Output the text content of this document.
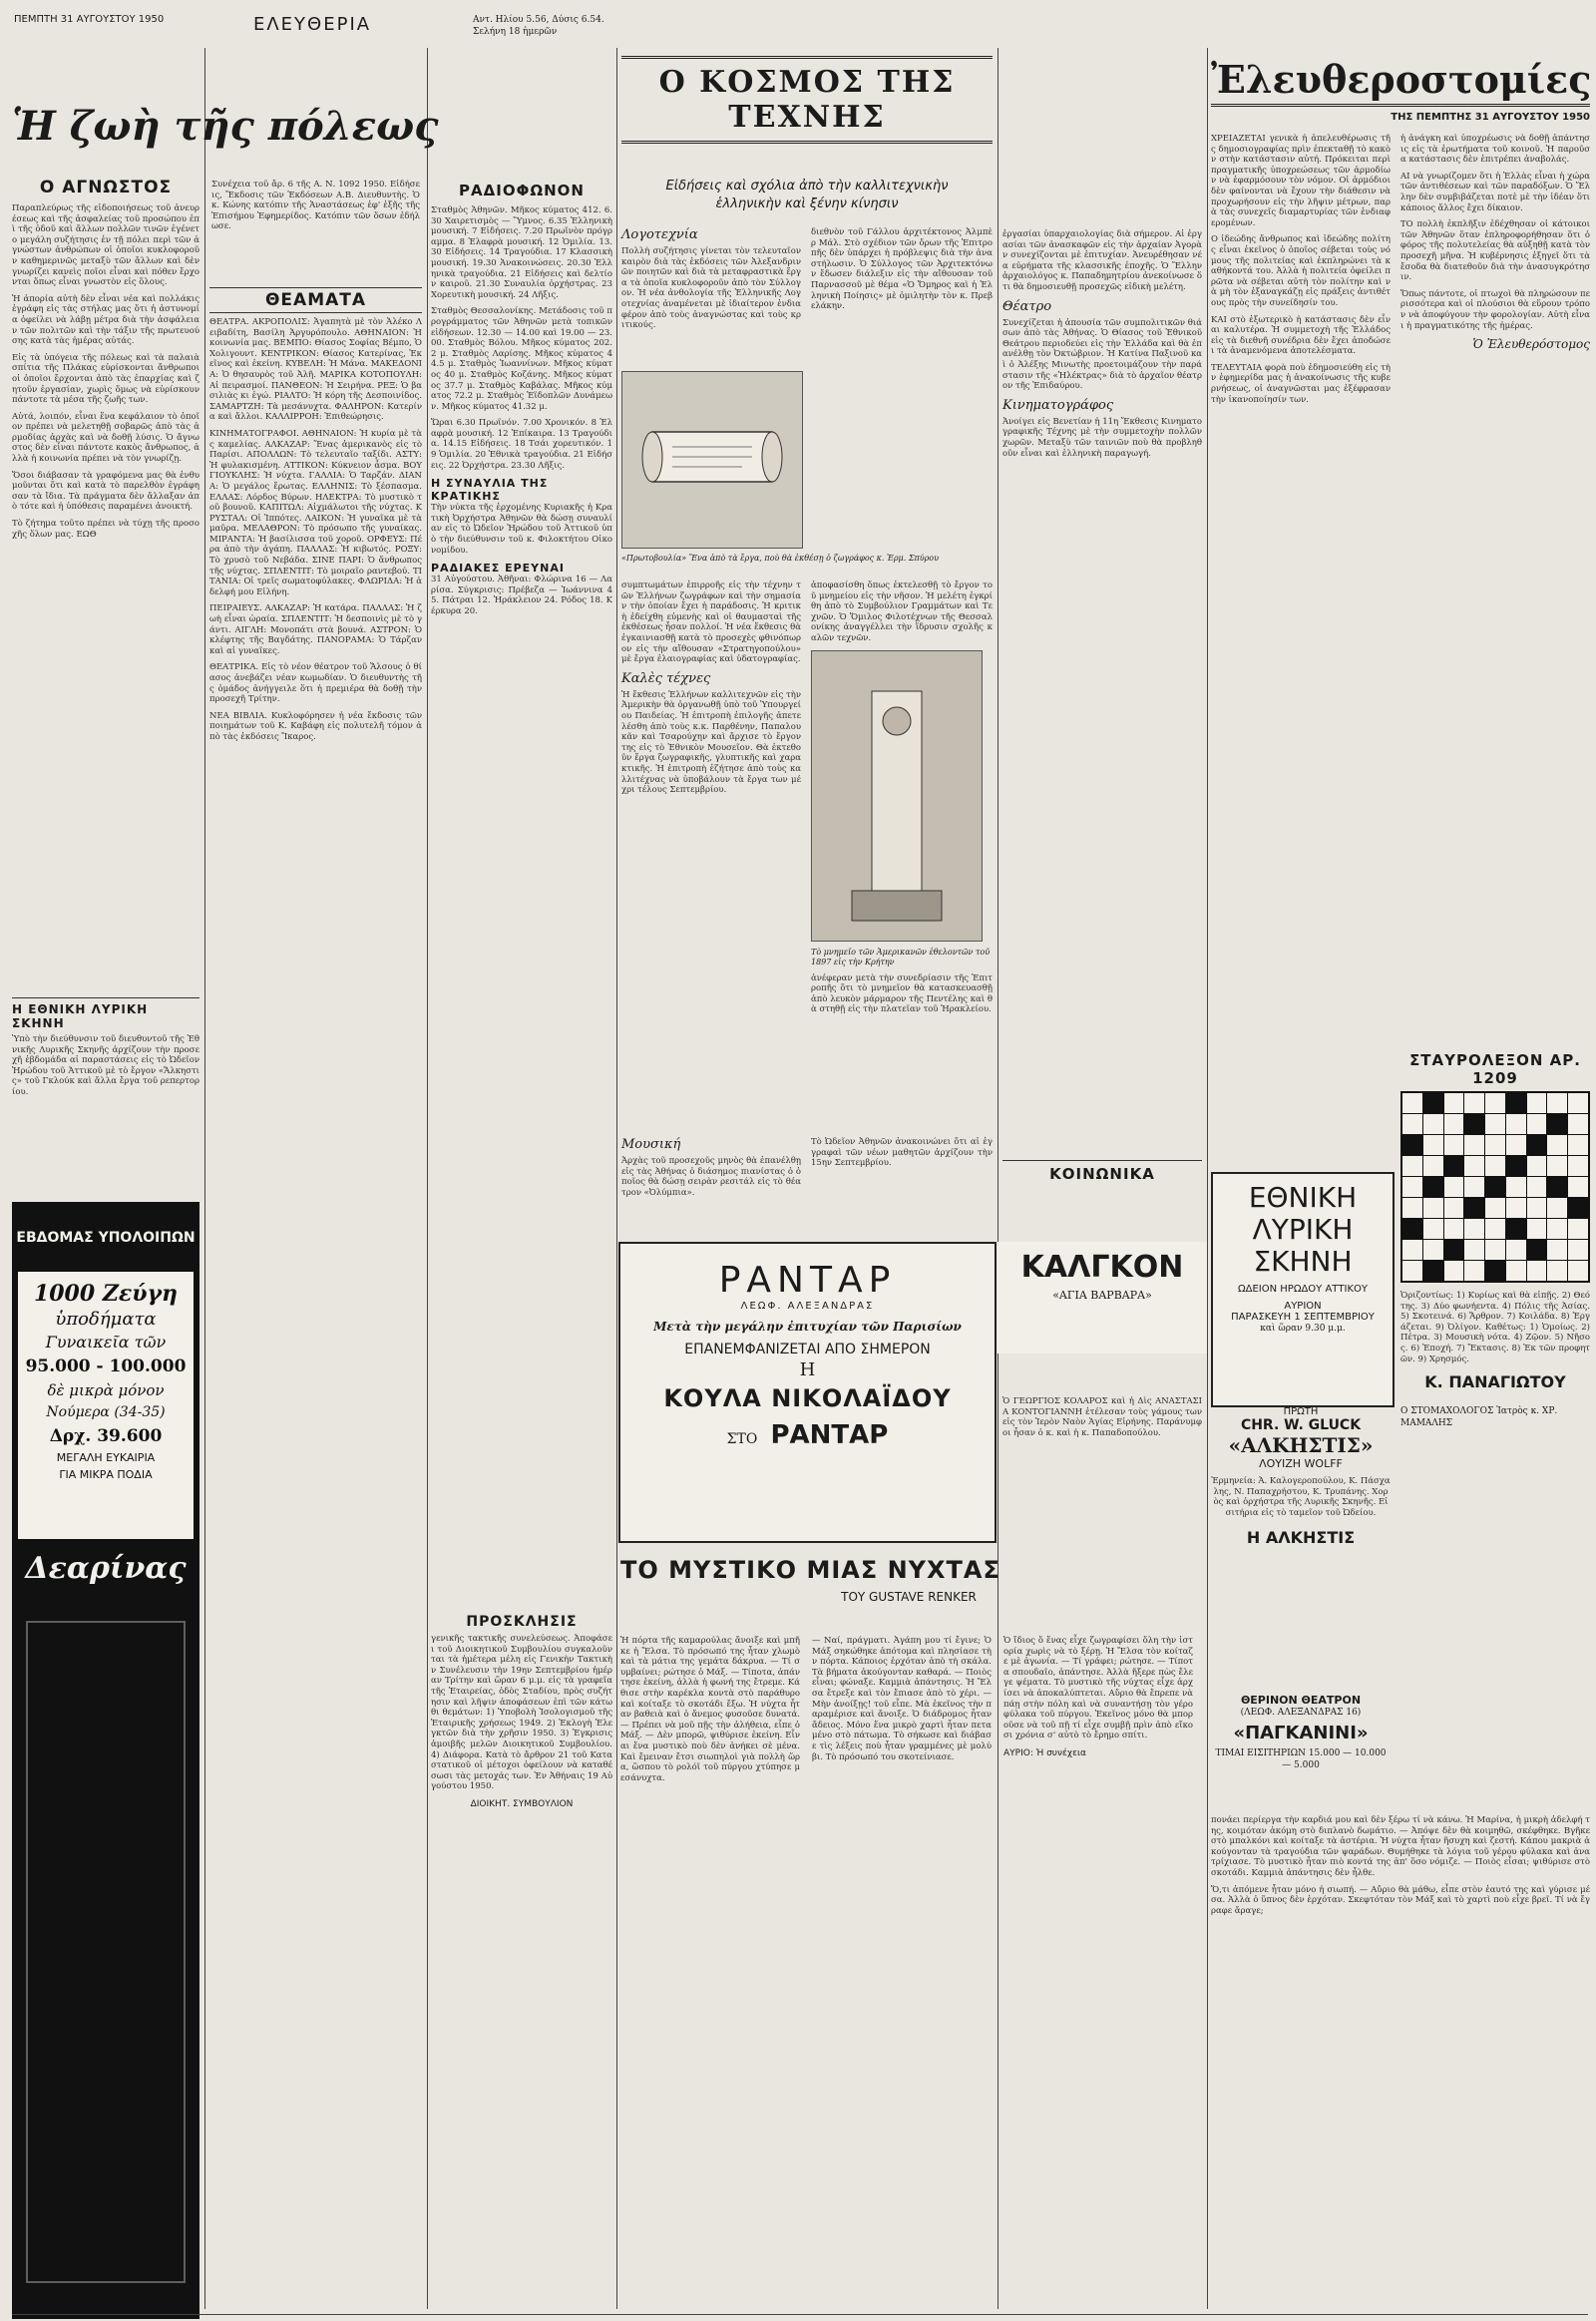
ΠΕΜΠΤΗ 31 ΑΥΓΟΥΣΤΟΥ 1950	ΕΛΕΥΘΕΡΙΑ	Αντ. Ηλίου 5.56, Δύσις 6.54. Σελήνη 18 ἡμερῶν
Ἡ ζωὴ τῆς πόλεως
Ο ΑΓΝΩΣΤΟΣ

Παραπλεύρως τῆς εἰδοποιήσεως τοῦ ἀνευρέσεως καὶ τῆς ἀσφαλείας τοῦ προσώπου ἐπὶ τῆς ὁδοῦ καὶ ἄλλων πολλῶν τινῶν ἐγένετο μεγάλη συζήτησις ἐν τῇ πόλει περὶ τῶν ἀγνώστων ἀνθρώπων οἱ ὁποῖοι κυκλοφοροῦν καθημερινῶς μεταξὺ τῶν ἄλλων καὶ δὲν γνωρίζει κανεὶς ποῖοι εἶναι καὶ πόθεν ἔρχονται ὅπως εἶναι γνωστὸν εἰς ὅλους.

Ἡ ἀπορία αὐτὴ δὲν εἶναι νέα καὶ πολλάκις ἐγράφη εἰς τὰς στήλας μας ὅτι ἡ ἀστυνομία ὀφείλει νὰ λάβῃ μέτρα διὰ τὴν ἀσφάλειαν τῶν πολιτῶν καὶ τὴν τάξιν τῆς πρωτευούσης κατὰ τὰς ἡμέρας αὐτάς.

Εἰς τὰ ὑπόγεια τῆς πόλεως καὶ τὰ παλαιὰ σπίτια τῆς Πλάκας εὑρίσκονται ἄνθρωποι οἱ ὁποῖοι ἔρχονται ἀπὸ τὰς ἐπαρχίας καὶ ζητοῦν ἐργασίαν, χωρὶς ὅμως νὰ εὑρίσκουν πάντοτε τὰ μέσα τῆς ζωῆς των.

Αὐτά, λοιπόν, εἶναι ἕνα κεφάλαιον τὸ ὁποῖον πρέπει νὰ μελετηθῇ σοβαρῶς ἀπὸ τὰς ἁρμοδίας ἀρχὰς καὶ νὰ δοθῇ λύσις. Ὁ ἄγνωστος δὲν εἶναι πάντοτε κακὸς ἄνθρωπος, ἀλλὰ ἡ κοινωνία πρέπει νὰ τὸν γνωρίζῃ.

Ὅσοι διάβασαν τὰ γραφόμενα μας θὰ ἐνθυμοῦνται ὅτι καὶ κατὰ τὸ παρελθὸν ἐγράφησαν τὰ ἴδια. Τὰ πράγματα δὲν ἄλλαξαν ἀπὸ τότε καὶ ἡ ὑπόθεσις παραμένει ἀνοικτή.

Τὸ ζήτημα τοῦτο πρέπει νὰ τύχῃ τῆς προσοχῆς ὅλων μας. ΕΩΘ

Η ΕΘΝΙΚΗ ΛΥΡΙΚΗ ΣΚΗΝΗ

Ὑπὸ τὴν διεύθυνσιν τοῦ διευθυντοῦ τῆς Ἐθνικῆς Λυρικῆς Σκηνῆς ἀρχίζουν τὴν προσεχῆ ἑβδομάδα αἱ παραστάσεις εἰς τὸ Ὠδεῖον Ἡρώδου τοῦ Ἀττικοῦ μὲ τὸ ἔργον «Ἄλκηστις» τοῦ Γκλούκ καὶ ἄλλα ἔργα τοῦ ρεπερτορίου.

ΕΒΔΟΜΑΣ ΥΠΟΛΟΙΠΩΝ
1000 Ζεύγη
ὑποδήματα
Γυναικεῖα τῶν
95.000 - 100.000
δὲ μικρὰ μόνον
Νούμερα (34-35)
Δρχ. 39.600
ΜΕΓΑΛΗ ΕΥΚΑΙΡΙΑ
ΓΙΑ ΜΙΚΡΑ ΠΟΔΙΑ
Δεαρίνας

Συνέχεια τοῦ ἄρ. 6 τῆς Α. Ν. 1092 1950. Εἰδήσεις, Ἔκδοσις τῶν Ἐκδόσεων Α.Β. Διευθυντὴς. Ὁ κ. Κώνης κατόπιν τῆς Ἀναστάσεως ἐφ' ἑξῆς τῆς Ἐπισήμου Ἐφημερίδος. Κατόπιν τῶν ὅσων ἐδήλωσε.

ΘΕΑΜΑΤΑ

ΘΕΑΤΡΑ. ΑΚΡΟΠΟΛΙΣ: Ἀγαπητὰ μὲ τὸν Ἀλέκο Λειβαδίτη, Βασίλη Ἀργυρόπουλο. ΑΘΗΝΑΙΟΝ: Ἡ κοινωνία μας. ΒΕΜΠΟ: Θίασος Σοφίας Βέμπο, Ὁ Χολιγουντ. ΚΕΝΤΡΙΚΟΝ: Θίασος Κατερίνας, Ἐκεῖνος καὶ ἐκείνη. ΚΥΒΕΛΗ: Ἡ Μάνα. ΜΑΚΕΔΟΝΙΑ: Ὁ θησαυρὸς τοῦ Ἀλῆ. ΜΑΡΙΚΑ ΚΟΤΟΠΟΥΛΗ: Αἱ πειρασμοί. ΠΑΝΘΕΟΝ: Ἡ Σειρήνα. ΡΕΞ: Ὁ βασιλιὰς κι ἐγώ. ΡΙΑΛΤΟ: Ἡ κόρη τῆς Δεσποινίδος. ΣΑΜΑΡΤΖΗ: Τὰ μεσάνυχτα. ΦΑΛΗΡΟΝ: Κατερίνα καὶ ἄλλοι. ΚΑΛΛΙΡΡΟΗ: Ἐπιθεώρησις.

ΚΙΝΗΜΑΤΟΓΡΑΦΟΙ. ΑΘΗΝΑΙΟΝ: Ἡ κυρία μὲ τὰς καμελίας. ΑΛΚΑΖΑΡ: Ἕνας ἀμερικανὸς εἰς τὸ Παρίσι. ΑΠΟΛΛΩΝ: Τὸ τελευταῖο ταξίδι. ΑΣΤΥ: Ἡ φυλακισμένη. ΑΤΤΙΚΟΝ: Κύκνειον ἆσμα. ΒΟΥΓΙΟΥΚΛΗΣ: Ἡ νύχτα. ΓΑΛΛΙΑ: Ὁ Ταρζάν. ΔΙΑΝΑ: Ὁ μεγάλος ἔρωτας. ΕΛΛΗΝΙΣ: Τὸ ξέσπασμα. ΕΛΛΑΣ: Λόρδος Βύρων. ΗΛΕΚΤΡΑ: Τὸ μυστικὸ τοῦ βουνοῦ. ΚΑΠΙΤΩΛ: Αἰχμάλωτοι τῆς νύχτας. ΚΡΥΣΤΑΛ: Οἱ Ἰππότες. ΛΑΙΚΟΝ: Ἡ γυναῖκα μὲ τὰ μαῦρα. ΜΕΛΑΘΡΟΝ: Τὸ πρόσωπο τῆς γυναίκας. ΜΙΡΑΝΤΑ: Ἡ βασίλισσα τοῦ χοροῦ. ΟΡΦΕΥΣ: Πέρα ἀπὸ τὴν ἀγάπη. ΠΑΛΛΑΣ: Ἡ κιβωτός. ΡΟΞΥ: Τὸ χρυσὸ τοῦ Νεβάδα. ΣΙΝΕ ΠΑΡΙ: Ὁ ἄνθρωπος τῆς νύχτας. ΣΠΛΕΝΤΙΤ: Τὸ μοιραῖο ραντεβού. ΤΙΤΑΝΙΑ: Οἱ τρεῖς σωματοφύλακες. ΦΛΩΡΙΔΑ: Ἡ ἀδελφή μου Εἰλήνη.

ΠΕΙΡΑΙΕΥΣ. ΑΛΚΑΖΑΡ: Ἡ κατάρα. ΠΑΛΛΑΣ: Ἡ ζωὴ εἶναι ὡραία. ΣΠΛΕΝΤΙΤ: Ἡ δεσποινὶς μὲ τὸ γάντι. ΑΙΓΛΗ: Μονοπάτι στὰ βουνά. ΑΣΤΡΟΝ: Ὁ κλέφτης τῆς Βαγδάτης. ΠΑΝΟΡΑΜΑ: Ὁ Τάρζαν καὶ αἱ γυναῖκες.

ΘΕΑΤΡΙΚΑ. Εἰς τὸ νέον θέατρον τοῦ Ἄλσους ὁ θίασος ἀνεβάζει νέαν κωμωδίαν. Ὁ διευθυντὴς τῆς ὁμάδος ἀνήγγειλε ὅτι ἡ πρεμιέρα θὰ δοθῇ τὴν προσεχῆ Τρίτην.

ΝΕΑ ΒΙΒΛΙΑ. Κυκλοφόρησεν ἡ νέα ἔκδοσις τῶν ποιημάτων τοῦ Κ. Καβάφη εἰς πολυτελῆ τόμον ἀπὸ τὰς ἐκδόσεις Ἴκαρος.

ΡΑΔΙΟΦΩΝΟΝ

Σταθμὸς Ἀθηνῶν. Μῆκος κύματος 412. 6.30 Χαιρετισμὸς — Ὕμνος. 6.35 Ἐλληνικὴ μουσική. 7 Εἰδήσεις. 7.20 Πρωϊνὸν πρόγραμμα. 8 Ἐλαφρὰ μουσική. 12 Ὁμιλία. 13.30 Εἰδήσεις. 14 Τραγούδια. 17 Κλασσικὴ μουσική. 19.30 Ἀνακοινώσεις. 20.30 Ἐλληνικὰ τραγούδια. 21 Εἰδήσεις καὶ δελτίον καιροῦ. 21.30 Συναυλία ὀρχήστρας. 23 Χορευτικὴ μουσική. 24 Λῆξις.

Σταθμὸς Θεσσαλονίκης. Μετάδοσις τοῦ προγράμματος τῶν Ἀθηνῶν μετὰ τοπικῶν εἰδήσεων. 12.30 — 14.00 καὶ 19.00 — 23.00. Σταθμὸς Βόλου. Μῆκος κύματος 202.2 μ. Σταθμὸς Λαρίσης. Μῆκος κύματος 44.5 μ. Σταθμὸς Ἰωαννίνων. Μῆκος κύματος 40 μ. Σταθμὸς Κοζάνης. Μῆκος κύματος 37.7 μ. Σταθμὸς Καβάλας. Μῆκος κύματος 72.2 μ. Σταθμὸς Ἐϊδοπλῶν Δυνάμεων. Μῆκος κύματος 41.32 μ.

Ὥραι 6.30 Πρωϊνόν. 7.00 Χρονικόν. 8 Ἐλαφρὰ μουσική. 12 Ἐπίκαιρα. 13 Τραγούδια. 14.15 Εἰδήσεις. 18 Τσάι χορευτικόν. 19 Ὁμιλία. 20 Ἐθνικὰ τραγούδια. 21 Εἰδήσεις. 22 Ὀρχήστρα. 23.30 Λῆξις.

Η ΣΥΝΑΥΛΙΑ ΤΗΣ ΚΡΑΤΙΚΗΣ

Τὴν νύκτα τῆς ἑρχομένης Κυριακῆς ἡ Κρατικὴ Ὀρχήστρα Ἀθηνῶν θὰ δώσῃ συναυλίαν εἰς τὸ Ὠδεῖον Ἡρώδου τοῦ Ἀττικοῦ ὑπὸ τὴν διεύθυνσιν τοῦ κ. Φιλοκτήτου Οἰκονομίδου.

ΡΑΔΙΑΚΕΣ ΕΡΕΥΝΑΙ

31 Αὐγούστου. Ἀθῆναι: Φλώρινα 16 — Λαρίσα. Σύγκρισις: Πρέβεζα — Ἰωάννινα 45. Πάτραι 12. Ἡράκλειον 24. Ρόδος 18. Κέρκυρα 20.

ΠΡΟΣΚΛΗΣΙΣ

γενικῆς τακτικῆς συνελεύσεως. Ἀποφάσει τοῦ Διοικητικοῦ Συμβουλίου συγκαλοῦνται τὰ ἡμέτερα μέλη εἰς Γενικὴν Τακτικὴν Συνέλευσιν τὴν 19ην Σεπτεμβρίου ἡμέραν Τρίτην καὶ ὥραν 6 μ.μ. εἰς τὰ γραφεῖα τῆς Ἑταιρείας, ὁδὸς Σταδίου, πρὸς συζήτησιν καὶ λῆψιν ἀποφάσεων ἐπὶ τῶν κάτωθι θεμάτων: 1) Ὑποβολὴ Ἰσολογισμοῦ τῆς Ἑταιρικῆς χρήσεως 1949. 2) Ἐκλογὴ Ἐλεγκτῶν διὰ τὴν χρῆσιν 1950. 3) Ἐγκρισις ἀμοιβῆς μελῶν Διοικητικοῦ Συμβουλίου. 4) Διάφορα. Κατὰ τὸ ἄρθρον 21 τοῦ Καταστατικοῦ οἱ μέτοχοι ὀφείλουν νὰ καταθέσωσι τὰς μετοχάς των. Ἐν Ἀθήναις 19 Αὐγούστου 1950.

ΔΙΟΙΚΗΤ. ΣΥΜΒΟΥΛΙΟΝ
Ο ΚΟΣΜΟΣ ΤΗΣ ΤΕΧΝΗΣ
Εἰδήσεις καὶ σχόλια ἀπὸ τὴν καλλιτεχνικὴν ἑλληνικὴν καὶ ξένην κίνησιν
Λογοτεχνία

Πολλὴ συζήτησις γίνεται τὸν τελευταῖον καιρὸν διὰ τὰς ἐκδόσεις τῶν Ἀλεξανδρινῶν ποιητῶν καὶ διὰ τὰ μεταφραστικὰ ἔργα τὰ ὁποῖα κυκλοφοροῦν ἀπὸ τὸν Σύλλογον. Ἡ νέα ἀνθολογία τῆς Ἑλληνικῆς Λογοτεχνίας ἀναμένεται μὲ ἰδιαίτερον ἐνδιαφέρον ἀπὸ τοὺς ἀναγνώστας καὶ τοὺς κριτικούς.

διεθνὸν τοῦ Γάλλου ἀρχιτέκτονος Ἀλμπὲρ Μάλ. Στὸ σχέδιον τῶν ὄρων τῆς Ἐπιτροπῆς δὲν ὑπάρχει ἡ πρόβλεψις διὰ τὴν ἀναστήλωσιν. Ὁ Σύλλογος τῶν Ἀρχιτεκτόνων ἔδωσεν διάλεξιν εἰς τὴν αἴθουσαν τοῦ Παρνασσοῦ μὲ θέμα «Ὁ Ὄμηρος καὶ ἡ Ἑλληνικὴ Ποίησις» μὲ ὁμιλητὴν τὸν κ. Πρεβελάκην.

«Πρωτοβουλία» Ἕνα ἀπὸ τὰ ἔργα, ποὺ θὰ ἐκθέσῃ ὁ ζωγράφος κ. Ἐρμ. Σπύρου

συμπτωμάτων ἐπιρροῆς εἰς τὴν τέχνην τῶν Ἑλλήνων ζωγράφων καὶ τὴν σημασίαν τὴν ὁποίαν ἔχει ἡ παράδοσις. Ἡ κριτικὴ ἐδείχθη εὐμενὴς καὶ οἱ θαυμασταὶ τῆς ἐκθέσεως ἦσαν πολλοί. Ἡ νέα ἔκθεσις θὰ ἐγκαινιασθῇ κατὰ τὸ προσεχὲς φθινόπωρον εἰς τὴν αἴθουσαν «Στρατηγοπούλου» μὲ ἔργα ἐλαιογραφίας καὶ ὑδατογραφίας.

Καλὲς τέχνες

Ἡ ἔκθεσις Ἑλλήνων καλλιτεχνῶν εἰς τὴν Ἀμερικὴν θὰ ὀργανωθῇ ὑπὸ τοῦ Ὑπουργείου Παιδείας. Ἡ ἐπιτροπὴ ἐπιλογῆς ἀπετελέσθη ἀπὸ τοὺς κ.κ. Παρθένην, Παπαλουκᾶν καὶ Τσαρούχην καὶ ἄρχισε τὸ ἔργον της εἰς τὸ Ἐθνικὸν Μουσεῖον. Θὰ ἐκτεθοῦν ἔργα ζωγραφικῆς, γλυπτικῆς καὶ χαρακτικῆς. Ἡ ἐπιτροπὴ ἐζήτησε ἀπὸ τοὺς καλλιτέχνας νὰ ὑποβάλουν τὰ ἔργα των μέχρι τέλους Σεπτεμβρίου.

ἀποφασίσθη ὅπως ἐκτελεσθῇ τὸ ἔργον τοῦ μνημείου εἰς τὴν νῆσον. Ἡ μελέτη ἐγκρίθη ἀπὸ τὸ Συμβούλιον Γραμμάτων καὶ Τεχνῶν. Ὁ Ὅμιλος Φιλοτέχνων τῆς Θεσσαλονίκης ἀναγγέλλει τὴν ἵδρυσιν σχολῆς καλῶν τεχνῶν.

Τὸ μνημεῖο τῶν Ἀμερικανῶν ἐθελοντῶν τοῦ 1897 εἰς τὴν Κρήτην

ἀνέφεραν μετὰ τὴν συνεδρίασιν τῆς Ἐπιτροπῆς ὅτι τὸ μνημεῖον θὰ κατασκευασθῇ ἀπὸ λευκὸν μάρμαρον τῆς Πεντέλης καὶ θὰ στηθῇ εἰς τὴν πλατεῖαν τοῦ Ἡρακλείου.

Μουσική

Ἀρχὰς τοῦ προσεχοῦς μηνὸς θὰ ἐπανέλθῃ εἰς τὰς Ἀθήνας ὁ διάσημος πιανίστας ὁ ὁποῖος θὰ δώσῃ σειρὰν ρεσιτάλ εἰς τὸ θέατρον «Ὀλύμπια».

Τὸ Ὠδεῖον Ἀθηνῶν ἀνακοινώνει ὅτι αἱ ἐγγραφαὶ τῶν νέων μαθητῶν ἀρχίζουν τὴν 15ην Σεπτεμβρίου.

ΡΑΝΤΑΡ
ΛΕΩΦ. ΑΛΕΞΑΝΔΡΑΣ
Μετὰ τὴν μεγάλην ἐπιτυχίαν τῶν Παρισίων
ΕΠΑΝΕΜΦΑΝΙΖΕΤΑΙ ΑΠΟ ΣΗΜΕΡΟΝ
Η
ΚΟΥΛΑ ΝΙΚΟΛΑΪΔΟΥ
ΣΤΟ ΡΑΝΤΑΡ
ΚΑΛΓΚΟΝ
«ΑΓΙΑ ΒΑΡΒΑΡΑ»
ΤΟ ΜΥΣΤΙΚΟ ΜΙΑΣ ΝΥΧΤΑΣ
ΤΟΥ GUSTAVE RENKER

Ἡ πόρτα τῆς καμαρούλας ἄνοιξε καὶ μπῆκε ἡ Ἔλσα. Τὸ πρόσωπό της ἦταν χλωμὸ καὶ τὰ μάτια της γεμάτα δάκρυα. — Τί συμβαίνει; ρώτησε ὁ Μάξ. — Τίποτα, ἀπάντησε ἐκείνη, ἀλλὰ ἡ φωνή της ἔτρεμε. Κάθισε στὴν καρέκλα κοντὰ στὸ παράθυρο καὶ κοίταξε τὸ σκοτάδι ἔξω. Ἡ νύχτα ἦταν βαθειὰ καὶ ὁ ἄνεμος φυσοῦσε δυνατά. — Πρέπει νὰ μοῦ πῇς τὴν ἀλήθεια, εἶπε ὁ Μάξ. — Δὲν μπορῶ, ψιθύρισε ἐκείνη. Εἶναι ἕνα μυστικὸ ποὺ δὲν ἀνήκει σὲ μένα. Καὶ ἔμειναν ἔτσι σιωπηλοὶ γιὰ πολλὴ ὥρα, ὥσπου τὸ ρολόϊ τοῦ πύργου χτύπησε μεσάνυχτα.

— Ναί, πράγματι. Ἀγάπη μου τί ἔγινε; Ὁ Μάξ σηκώθηκε ἀπότομα καὶ πλησίασε τὴν πόρτα. Κάποιος ἐρχόταν ἀπὸ τὴ σκάλα. Τὰ βήματα ἀκούγονταν καθαρά. — Ποιὸς εἶναι; φώναξε. Καμμιὰ ἀπάντησις. Ἡ Ἔλσα ἔτρεξε καὶ τὸν ἔπιασε ἀπὸ τὸ χέρι. — Μὴν ἀνοίξῃς! τοῦ εἶπε. Μὰ ἐκεῖνος τὴν παραμέρισε καὶ ἄνοιξε. Ὁ διάδρομος ἦταν ἄδειος. Μόνο ἕνα μικρὸ χαρτὶ ἦταν πεταμένο στὸ πάτωμα. Τὸ σήκωσε καὶ διάβασε τὶς λέξεις ποὺ ἦταν γραμμένες μὲ μολύβι. Τὸ πρόσωπό του σκοτείνιασε.

Ὁ ἴδιος ὅ ἕνας εἶχε ζωγραφίσει ὅλη τὴν ἱστορία χωρὶς νὰ τὸ ξέρῃ. Ἡ Ἔλσα τὸν κοίταζε μὲ ἀγωνία. — Τί γράφει; ρώτησε. — Τίποτα σπουδαῖο, ἀπάντησε. Ἀλλὰ ἤξερε πὼς ἔλεγε ψέματα. Τὸ μυστικὸ τῆς νύχτας εἶχε ἀρχίσει νὰ ἀποκαλύπτεται. Αὔριο θὰ ἔπρεπε νὰ πάῃ στὴν πόλη καὶ νὰ συναντήσῃ τὸν γέρο φύλακα τοῦ πύργου. Ἐκεῖνος μόνο θὰ μποροῦσε νὰ τοῦ πῇ τί εἶχε συμβῇ πρὶν ἀπὸ εἴκοσι χρόνια σ' αὐτὸ τὸ ἔρημο σπίτι.

ΑΥΡΙΟ: Ἡ συνέχεια

ἐργασίαι ὑπαρχαιολογίας διὰ σήμερον. Αἱ ἐργασίαι τῶν ἀνασκαφῶν εἰς τὴν ἀρχαίαν Ἀγορὰν συνεχίζονται μὲ ἐπιτυχίαν. Ἀνευρέθησαν νέα εὑρήματα τῆς κλασσικῆς ἐποχῆς. Ὁ Ἕλλην ἀρχαιολόγος κ. Παπαδημητρίου ἀνεκοίνωσε ὅτι θὰ δημοσιευθῇ προσεχῶς εἰδικὴ μελέτη.

Θέατρο

Συνεχίζεται ἡ ἀπουσία τῶν συμπολιτικῶν θιάσων ἀπὸ τὰς Ἀθήνας. Ὁ Θίασος τοῦ Ἐθνικοῦ Θεάτρου περιοδεύει εἰς τὴν Ἐλλάδα καὶ θὰ ἐπανέλθῃ τὸν Ὀκτώβριον. Ἡ Κατίνα Παξινοῦ καὶ ὁ Ἀλέξης Μινωτὴς προετοιμάζουν τὴν παράστασιν τῆς «Ἠλέκτρας» διὰ τὸ ἀρχαῖον θέατρον τῆς Ἐπιδαύρου.

Κινηματογράφος

Ἀνοίγει εἰς Βενετίαν ἡ 11η Ἔκθεσις Κινηματογραφικῆς Τέχνης μὲ τὴν συμμετοχὴν πολλῶν χωρῶν. Μεταξὺ τῶν ταινιῶν ποὺ θὰ προβληθοῦν εἶναι καὶ ἑλληνικὴ παραγωγή.

ΚΟΙΝΩΝΙΚΑ

Ὁ ΓΕΩΡΓΙΟΣ ΚΟΛΑΡΟΣ καὶ ἡ Δὶς ΑΝΑΣΤΑΣΙΑ ΚΟΝΤΟΓΙΑΝΝΗ ἐτέλεσαν τοὺς γάμους των εἰς τὸν Ἱερὸν Ναὸν Ἁγίας Εἰρήνης. Παράνυμφοι ἦσαν ὁ κ. καὶ ἡ κ. Παπαδοπούλου.

Ἐλευθεροστομίες
ΤΗΣ ΠΕΜΠΤΗΣ 31 ΑΥΓΟΥΣΤΟΥ 1950

ΧΡΕΙΑΖΕΤΑΙ γενικὰ ἡ ἀπελευθέρωσις τῆς δημοσιογραφίας πρὶν ἐπεκταθῇ τὸ κακὸν στὴν κατάστασιν αὐτή. Πρόκειται περὶ πραγματικῆς ὑποχρεώσεως τῶν ἁρμοδίων νὰ ἐφαρμόσουν τὸν νόμον. Οἱ ἀρμόδιοι δὲν φαίνονται νὰ ἔχουν τὴν διάθεσιν νὰ προχωρήσουν εἰς τὴν λῆψιν μέτρων, παρὰ τὰς συνεχεῖς διαμαρτυρίας τῶν ἐνδιαφερομένων.

Ο ἰδεώδης ἄνθρωπος καὶ ἰδεώδης πολίτης εἶναι ἐκεῖνος ὁ ὁποῖος σέβεται τοὺς νόμους τῆς πολιτείας καὶ ἐκπληρώνει τὰ καθήκοντά του. Ἀλλὰ ἡ πολιτεία ὀφείλει πρῶτα νὰ σέβεται αὐτὴ τὸν πολίτην καὶ νὰ μὴ τὸν ἐξαναγκάζῃ εἰς πράξεις ἀντιθέτους πρὸς τὴν συνείδησίν του.

ΚΑΙ στὸ ἐξωτερικὸ ἡ κατάστασις δὲν εἶναι καλυτέρα. Ἡ συμμετοχὴ τῆς Ἑλλάδος εἰς τὰ διεθνῆ συνέδρια δὲν ἔχει ἀποδώσει τὰ ἀναμενόμενα ἀποτελέσματα.

ΤΕΛΕΥΤΑΙΑ φορὰ ποὺ ἐδημοσιεύθη εἰς τὴν ἐφημερίδα μας ἡ ἀνακοίνωσις τῆς κυβερνήσεως, οἱ ἀναγνῶσται μας ἐξέφρασαν τὴν ἱκανοποίησίν των.

ἡ ἀνάγκη καὶ ὑποχρέωσις νὰ δοθῇ ἀπάντησις εἰς τὰ ἐρωτήματα τοῦ κοινοῦ. Ἡ παροῦσα κατάστασις δὲν ἐπιτρέπει ἀναβολάς.

ΑΙ νὰ γνωρίζομεν ὅτι ἡ Ἑλλὰς εἶναι ἡ χώρα τῶν ἀντιθέσεων καὶ τῶν παραδόξων. Ὁ Ἕλλην δὲν συμβιβάζεται ποτὲ μὲ τὴν ἰδέαν ὅτι κάποιος ἄλλος ἔχει δίκαιον.

ΤΟ πολλὴ ἐκπλῆξιν ἐδέχθησαν οἱ κάτοικοι τῶν Ἀθηνῶν ὅταν ἐπληροφορήθησαν ὅτι ὁ φόρος τῆς πολυτελείας θὰ αὐξηθῇ κατὰ τὸν προσεχῆ μῆνα. Ἡ κυβέρνησις ἐξηγεῖ ὅτι τὰ ἔσοδα θὰ διατεθοῦν διὰ τὴν ἀνασυγκρότησιν.

Ὅπως πάντοτε, οἱ πτωχοὶ θὰ πληρώσουν περισσότερα καὶ οἱ πλούσιοι θὰ εὕρουν τρόπον νὰ ἀποφύγουν τὴν φορολογίαν. Αὐτὴ εἶναι ἡ πραγματικότης τῆς ἡμέρας.

Ὁ Ἐλευθερόστομος
ΣΤΑΥΡΟΛΕΞΟΝ ΑΡ. 1209

Ὁριζοντίως: 1) Κυρίως καὶ θὰ εἰπῇς. 2) Θεότης. 3) Δύο φωνήεντα. 4) Πόλις τῆς Ἀσίας. 5) Σκοτεινά. 6) Ἄρθρον. 7) Κοιλάδα. 8) Ἐργάζεται. 9) Ὀλίγον. Καθέτως: 1) Ὁμοίως. 2) Πέτρα. 3) Μουσικὴ νότα. 4) Ζῷον. 5) Νῆσος. 6) Ἐποχή. 7) Ἔκτασις. 8) Ἐκ τῶν προφητῶν. 9) Χρησμός.

Κ. ΠΑΝΑΓΙΩΤΟΥ
Ο ΣΤΟΜΑΧΟΛΟΓΟΣ Ἰατρὸς κ. ΧΡ. ΜΑΜΑΛΗΣ
ΕΘΝΙΚΗ
ΛΥΡΙΚΗ
ΣΚΗΝΗ
ΩΔΕΙΟΝ ΗΡΩΔΟΥ ΑΤΤΙΚΟΥ
ΑΥΡΙΟΝ
ΠΑΡΑΣΚΕΥΗ 1 ΣΕΠΤΕΜΒΡΙΟΥ
καὶ ὥραν 9.30 μ.μ.
ΠΡΩΤΗ
CHR. W. GLUCK
«ΑΛΚΗΣΤΙΣ»
ΛΟΥΙΖΗ WOLFF

Ἐρμηνεία: Ἀ. Καλογεροπούλου, Κ. Πάσχαλης, Ν. Παπαχρήστου, Κ. Τρυπάνης. Χορὸς καὶ ὀρχήστρα τῆς Λυρικῆς Σκηνῆς. Εἰσιτήρια εἰς τὸ ταμεῖον τοῦ Ὠδείου.

Η ΑΛΚΗΣΤΙΣ
ΘΕΡΙΝΟΝ ΘΕΑΤΡΟΝ
(ΛΕΩΦ. ΑΛΕΞΑΝΔΡΑΣ 16)
«ΠΑΓΚΑΝΙΝΙ»
ΤΙΜΑΙ ΕΙΣΙΤΗΡΙΩΝ 15.000 — 10.000 — 5.000

πονάει περίεργα τὴν καρδιά μου καὶ δὲν ξέρω τί νὰ κάνω. Ἡ Μαρίνα, ἡ μικρὴ ἀδελφή της, κοιμόταν ἀκόμη στὸ διπλανὸ δωμάτιο. — Ἀπόψε δὲν θὰ κοιμηθῶ, σκέφθηκε. Βγῆκε στὸ μπαλκόνι καὶ κοίταξε τὰ ἀστέρια. Ἡ νύχτα ἦταν ἥσυχη καὶ ζεστή. Κάπου μακριὰ ἀκούγονταν τὰ τραγούδια τῶν ψαράδων. Θυμήθηκε τὰ λόγια τοῦ γέρου φύλακα καὶ ἀνατρίχιασε. Τὸ μυστικὸ ἦταν πιὸ κοντά της ἀπ' ὅσο νόμιζε. — Ποιὸς εἶσαι; ψιθύρισε στὸ σκοτάδι. Καμμιὰ ἀπάντησις δὲν ἦλθε.

Ὅ,τι ἀπόμενε ἦταν μόνο ἡ σιωπή. — Αὔριο θὰ μάθω, εἶπε στὸν ἑαυτό της καὶ γύρισε μέσα. Ἀλλὰ ὁ ὕπνος δὲν ἐρχόταν. Σκεφτόταν τὸν Μάξ καὶ τὸ χαρτὶ ποὺ εἶχε βρεῖ. Τί νὰ ἔγραφε ἄραγε;
